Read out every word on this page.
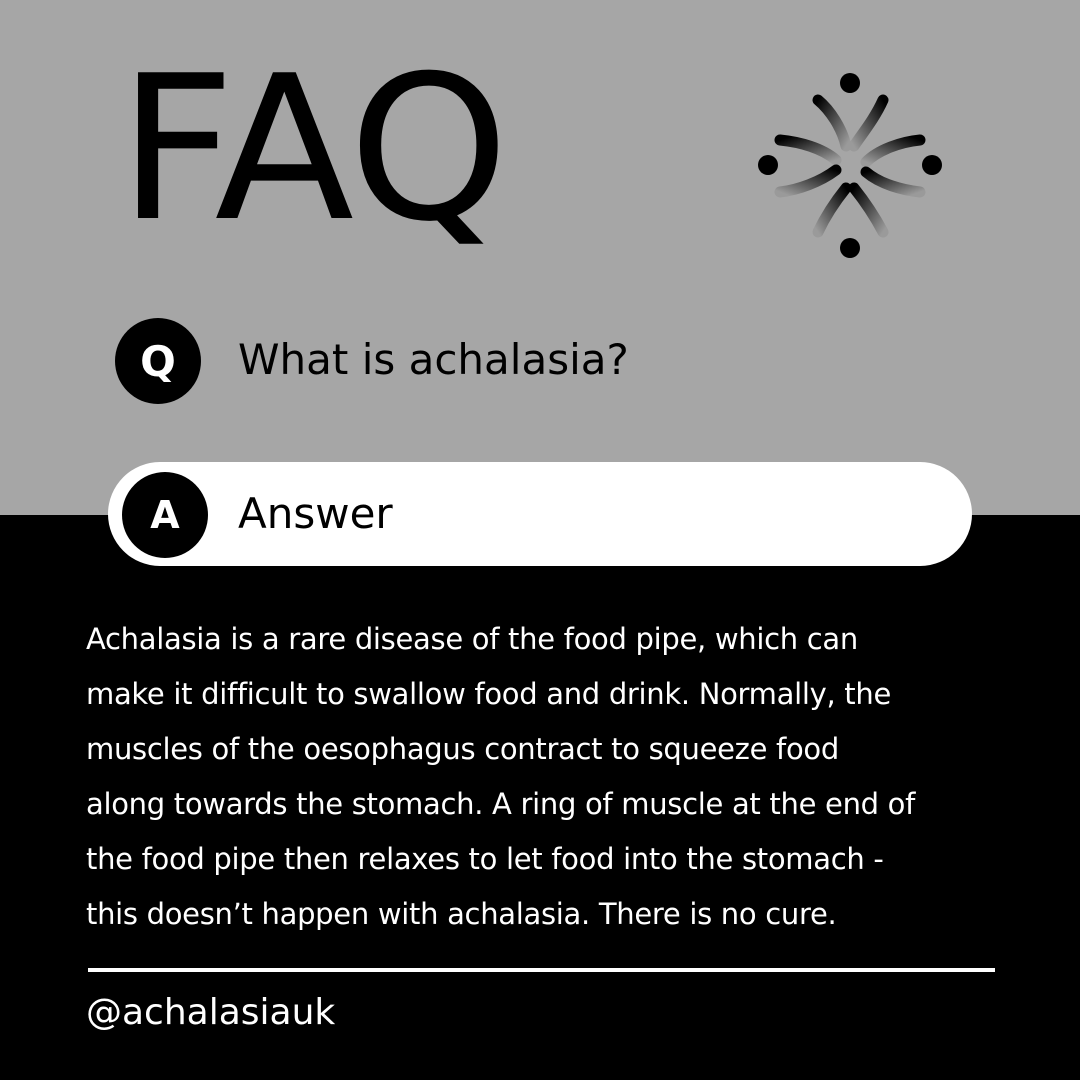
FAQ
Q	What is achalasia?
A	Answer
Achalasia is a rare disease of the food pipe, which can
make it difficult to swallow food and drink. Normally, the
muscles of the oesophagus contract to squeeze food
along towards the stomach. A ring of muscle at the end of
the food pipe then relaxes to let food into the stomach -
this doesn’t happen with achalasia. There is no cure.
@achalasiauk
